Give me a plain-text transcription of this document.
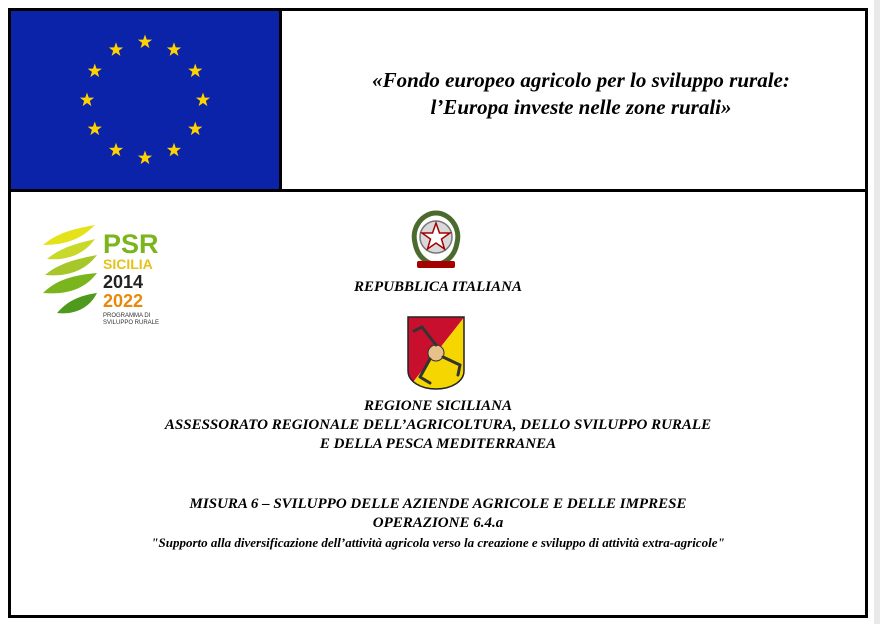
«Fondo europeo agricolo per lo sviluppo rurale:
l’Europa investe nelle zone rurali»
PSR
SICILIA
2014
2022
PROGRAMMA DI
SVILUPPO RURALE
REPUBBLICA ITALIANA
REGIONE SICILIANA
ASSESSORATO REGIONALE DELL’AGRICOLTURA, DELLO SVILUPPO RURALE
E DELLA PESCA MEDITERRANEA
MISURA 6 – SVILUPPO DELLE AZIENDE AGRICOLE E DELLE IMPRESE
OPERAZIONE 6.4.a
"Supporto alla diversificazione dell’attività agricola verso la creazione e sviluppo di attività extra-agricole"
